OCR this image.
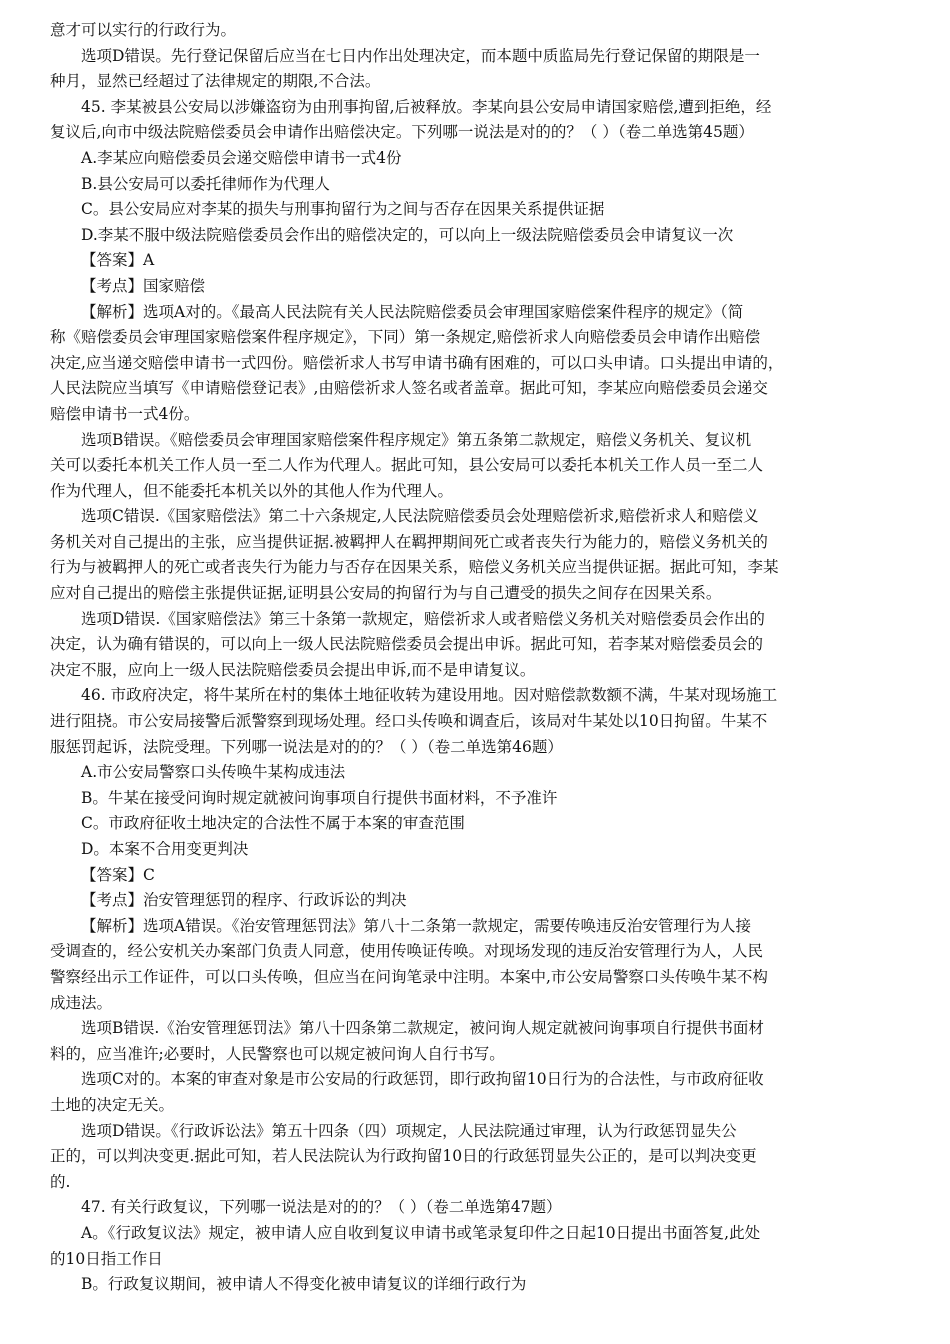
意才可以实行的行政行为。

选项D错误。先行登记保留后应当在七日内作出处理决定，而本题中质监局先行登记保留的期限是一

种月，显然已经超过了法律规定的期限,不合法。

45. 李某被县公安局以涉嫌盗窃为由刑事拘留,后被释放。李某向县公安局申请国家赔偿,遭到拒绝，经

复议后,向市中级法院赔偿委员会申请作出赔偿决定。下列哪一说法是对的的？（ ）（卷二单选第45题）

A.李某应向赔偿委员会递交赔偿申请书一式4份

B.县公安局可以委托律师作为代理人

C。县公安局应对李某的损失与刑事拘留行为之间与否存在因果关系提供证据

D.李某不服中级法院赔偿委员会作出的赔偿决定的，可以向上一级法院赔偿委员会申请复议一次

【答案】A

【考点】国家赔偿

【解析】选项A对的。《最高人民法院有关人民法院赔偿委员会审理国家赔偿案件程序的规定》（简

称《赔偿委员会审理国家赔偿案件程序规定》，下同）第一条规定,赔偿祈求人向赔偿委员会申请作出赔偿

决定,应当递交赔偿申请书一式四份。赔偿祈求人书写申请书确有困难的，可以口头申请。口头提出申请的，

人民法院应当填写《申请赔偿登记表》,由赔偿祈求人签名或者盖章。据此可知，李某应向赔偿委员会递交

赔偿申请书一式4份。

选项B错误。《赔偿委员会审理国家赔偿案件程序规定》第五条第二款规定，赔偿义务机关、复议机

关可以委托本机关工作人员一至二人作为代理人。据此可知，县公安局可以委托本机关工作人员一至二人

作为代理人，但不能委托本机关以外的其他人作为代理人。

选项C错误.《国家赔偿法》第二十六条规定,人民法院赔偿委员会处理赔偿祈求,赔偿祈求人和赔偿义

务机关对自己提出的主张，应当提供证据.被羁押人在羁押期间死亡或者丧失行为能力的，赔偿义务机关的

行为与被羁押人的死亡或者丧失行为能力与否存在因果关系，赔偿义务机关应当提供证据。据此可知，李某

应对自己提出的赔偿主张提供证据,证明县公安局的拘留行为与自己遭受的损失之间存在因果关系。

选项D错误.《国家赔偿法》第三十条第一款规定，赔偿祈求人或者赔偿义务机关对赔偿委员会作出的

决定，认为确有错误的，可以向上一级人民法院赔偿委员会提出申诉。据此可知，若李某对赔偿委员会的

决定不服，应向上一级人民法院赔偿委员会提出申诉,而不是申请复议。

46. 市政府决定，将牛某所在村的集体土地征收转为建设用地。因对赔偿款数额不满，牛某对现场施工

进行阻挠。市公安局接警后派警察到现场处理。经口头传唤和调查后，该局对牛某处以10日拘留。牛某不

服惩罚起诉，法院受理。下列哪一说法是对的的？（ ）（卷二单选第46题）

A.市公安局警察口头传唤牛某构成违法

B。牛某在接受问询时规定就被问询事项自行提供书面材料，不予准许

C。市政府征收土地决定的合法性不属于本案的审查范围

D。本案不合用变更判决

【答案】C

【考点】治安管理惩罚的程序、行政诉讼的判决

【解析】选项A错误。《治安管理惩罚法》第八十二条第一款规定，需要传唤违反治安管理行为人接

受调查的，经公安机关办案部门负责人同意，使用传唤证传唤。对现场发现的违反治安管理行为人，人民

警察经出示工作证件，可以口头传唤，但应当在问询笔录中注明。本案中,市公安局警察口头传唤牛某不构

成违法。

选项B错误.《治安管理惩罚法》第八十四条第二款规定，被问询人规定就被问询事项自行提供书面材

料的，应当准许;必要时，人民警察也可以规定被问询人自行书写。

选项C对的。本案的审查对象是市公安局的行政惩罚，即行政拘留10日行为的合法性，与市政府征收

土地的决定无关。

选项D错误。《行政诉讼法》第五十四条（四）项规定，人民法院通过审理，认为行政惩罚显失公

正的，可以判决变更.据此可知，若人民法院认为行政拘留10日的行政惩罚显失公正的，是可以判决变更

的.

47. 有关行政复议，下列哪一说法是对的的？（ ）（卷二单选第47题）

A。《行政复议法》规定，被申请人应自收到复议申请书或笔录复印件之日起10日提出书面答复,此处

的10日指工作日

B。行政复议期间，被申请人不得变化被申请复议的详细行政行为
